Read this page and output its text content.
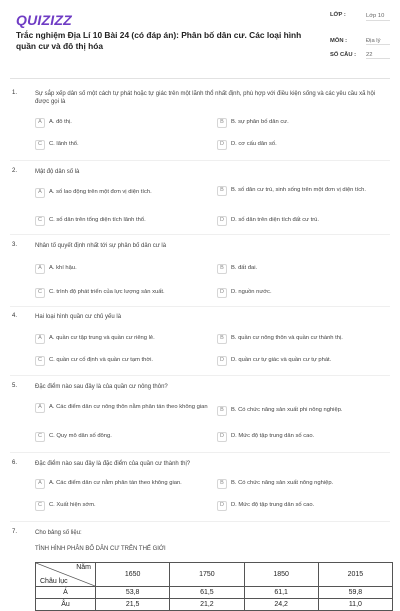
QUIZIZZ
Trắc nghiệm Địa Lí 10 Bài 24 (có đáp án): Phân bố dân cư. Các loại hình quần cư và đô thị hóa
LỚP :	Lớp 10
MÔN :	Địa lý
SỐ CÂU : 22
1.	Sự sắp xếp dân số một cách tự phát hoặc tự giác trên một lãnh thổ nhất định, phù hợp với điều kiện sống và các yêu cầu xã hội được gọi là
A	A. đô thị.	B	B. sự phân bố dân cư.
C	C. lãnh thổ.	D	D. cơ cấu dân số.
2.	Mật độ dân số là
A	A. số lao động trên một đơn vị diện tích.	B	B. số dân cư trú, sinh sống trên một đơn vị diện tích.
C	C. số dân trên tổng diện tích lãnh thổ.	D	D. số dân trên diện tích đất cư trú.
3.	Nhân tố quyết định nhất tới sự phân bố dân cư là
A	A. khí hậu.	B	B. đất đai.
C	C. trình độ phát triển của lực lượng sản xuất.	D	D. nguồn nước.
4.	Hai loại hình quần cư chủ yếu là
A	A. quần cư tập trung và quần cư riêng lẻ.	B	B. quần cư nông thôn và quần cư thành thị.
C	C. quần cư cố định và quần cư tạm thời.	D	D. quần cư tự giác và quần cư tự phát.
5.	Đặc điểm nào sau đây là của quần cư nông thôn?
A	A. Các điểm dân cư nông thôn nằm phân tán theo không gian
B	B. Có chức năng sản xuất phi nông nghiệp.
C	C. Quy mô dân số đông.	D	D. Mức độ tập trung dân số cao.
6.	Đặc điểm nào sau đây là đặc điểm của quần cư thành thị?
A	A. Các điểm dân cư nằm phân tán theo không gian.	B	B. Có chức năng sản xuất nông nghiệp.
C	C. Xuất hiện sớm.	D	D. Mức độ tập trung dân số cao.
7.	Cho bảng số liệu:
TÌNH HÌNH PHÂN BỐ DÂN CƯ TRÊN THẾ GIỚI
Năm
Châu lục	1650	1750	1850	2015
Á	53,8	61,5	61,1	59,8
Âu	21,5	21,2	24,2	11,0
